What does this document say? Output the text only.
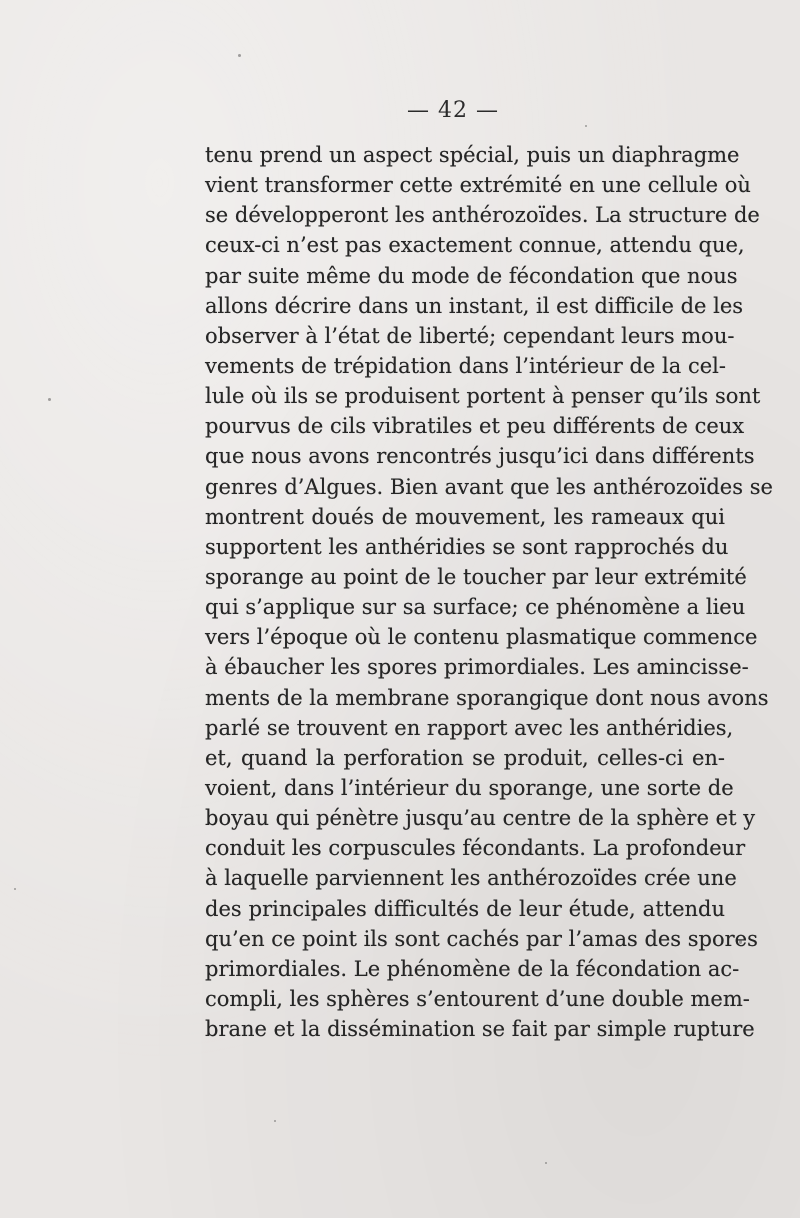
— 42 —
tenu prend un aspect spécial, puis un diaphragme
vient transformer cette extrémité en une cellule où
se développeront les anthérozoïdes. La structure de
ceux-ci n’est pas exactement connue, attendu que,
par suite même du mode de fécondation que nous
allons décrire dans un instant, il est difficile de les
observer à l’état de liberté; cependant leurs mou-
vements de trépidation dans l’intérieur de la cel-
lule où ils se produisent portent à penser qu’ils sont
pourvus de cils vibratiles et peu différents de ceux
que nous avons rencontrés jusqu’ici dans différents
genres d’Algues. Bien avant que les anthérozoïdes se
montrent doués de mouvement, les rameaux qui
supportent les anthéridies se sont rapprochés du
sporange au point de le toucher par leur extrémité
qui s’applique sur sa surface; ce phénomène a lieu
vers l’époque où le contenu plasmatique commence
à ébaucher les spores primordiales. Les amincisse-
ments de la membrane sporangique dont nous avons
parlé se trouvent en rapport avec les anthéridies,
et, quand la perforation se produit, celles-ci en-
voient, dans l’intérieur du sporange, une sorte de
boyau qui pénètre jusqu’au centre de la sphère et y
conduit les corpuscules fécondants. La profondeur
à laquelle parviennent les anthérozoïdes crée une
des principales difficultés de leur étude, attendu
qu’en ce point ils sont cachés par l’amas des spores
primordiales. Le phénomène de la fécondation ac-
compli, les sphères s’entourent d’une double mem-
brane et la dissémination se fait par simple rupture
